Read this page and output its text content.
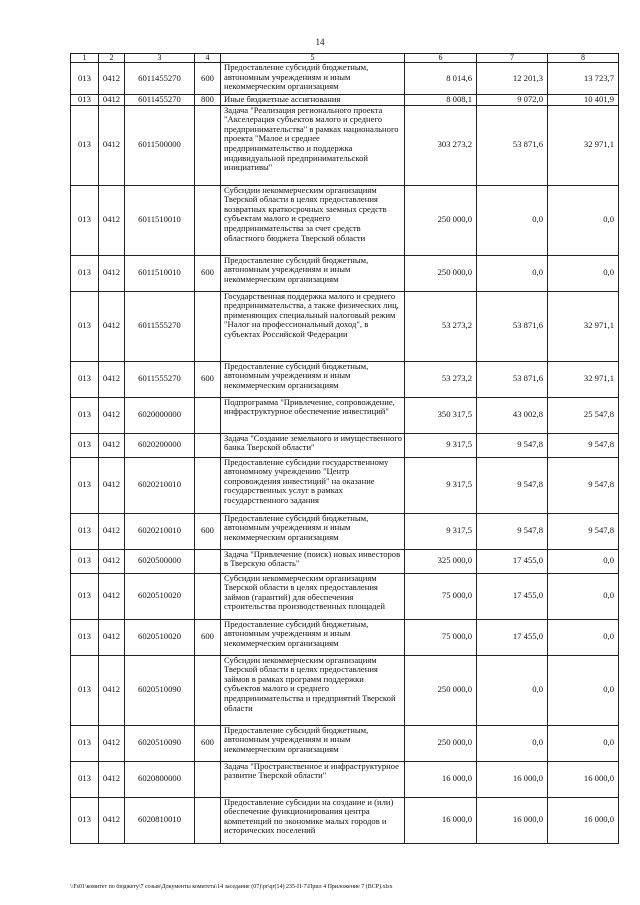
14
1	2	3	4	5	6	7	8
013	0412	6011455270	600	Предоставление субсидий бюджетным, автономным учреждениям и иным некоммерческим организациям	8 014,6	12 201,3	13 723,7
013	0412	6011455270	800	Иные бюджетные ассигнования	8 008,1	9 072,0	10 401,9
013	0412	6011500000		Задача "Реализация регионального проекта "Акселерация субъектов малого и среднего предпринимательства" в рамках национального проекта "Малое и среднее предпринимательство и поддержка индивидуальной предпринимательской инициативы"	303 273,2	53 871,6	32 971,1
013	0412	6011510010		Субсидии некоммерческим организациям Тверской области в целях предоставления возвратных краткосрочных заемных средств субъектам малого и среднего предпринимательства за счет средств областного бюджета Тверской области	250 000,0	0,0	0,0
013	0412	6011510010	600	Предоставление субсидий бюджетным, автономным учреждениям и иным некоммерческим организациям	250 000,0	0,0	0,0
013	0412	6011555270		Государственная поддержка малого и среднего предпринимательства, а также физических лиц, применяющих специальный налоговый режим "Налог на профессиональный доход", в субъектах Российской Федерации	53 273,2	53 871,6	32 971,1
013	0412	6011555270	600	Предоставление субсидий бюджетным, автономным учреждениям и иным некоммерческим организациям	53 273,2	53 871,6	32 971,1
013	0412	6020000000		Подпрограмма "Привлечение, сопровождение, инфраструктурное обеспечение инвестиций"	350 317,5	43 002,8	25 547,8
013	0412	6020200000		Задача "Создание земельного и имущественного банка Тверской области"	9 317,5	9 547,8	9 547,8
013	0412	6020210010		Предоставление субсидии государственному автономному учреждению "Центр сопровождения инвестиций" на оказание государственных услуг в рамках государственного задания	9 317,5	9 547,8	9 547,8
013	0412	6020210010	600	Предоставление субсидий бюджетным, автономным учреждениям и иным некоммерческим организациям	9 317,5	9 547,8	9 547,8
013	0412	6020500000		Задача "Привлечение (поиск) новых инвесторов в Тверскую область"	325 000,0	17 455,0	0,0
013	0412	6020510020		Субсидии некоммерческим организациям Тверской области в целях предоставления займов (гарантий) для обеспечения строительства производственных площадей	75 000,0	17 455,0	0,0
013	0412	6020510020	600	Предоставление субсидий бюджетным, автономным учреждениям и иным некоммерческим организациям	75 000,0	17 455,0	0,0
013	0412	6020510090		Субсидии некоммерческим организациям Тверской области в целях предоставления займов в рамках программ поддержки субъектов малого и среднего предпринимательства и предприятий Тверской области	250 000,0	0,0	0,0
013	0412	6020510090	600	Предоставление субсидий бюджетным, автономным учреждениям и иным некоммерческим организациям	250 000,0	0,0	0,0
013	0412	6020800000		Задача "Пространственное и инфраструктурное развитие Тверской области"	16 000,0	16 000,0	16 000,0
013	0412	6020810010		Предоставление субсидии на создание и (или) обеспечение функционирования центра компетенций по экономике малых городов и исторических поселений	16 000,0	16 000,0	16 000,0
\\Fs01\комитет по бюджету\7 созыв\Документы комитета\14 заседание (07)\pr\qr(14) 235-П-7\Прил 4 Приложение 7 (ВСР).xlsx
